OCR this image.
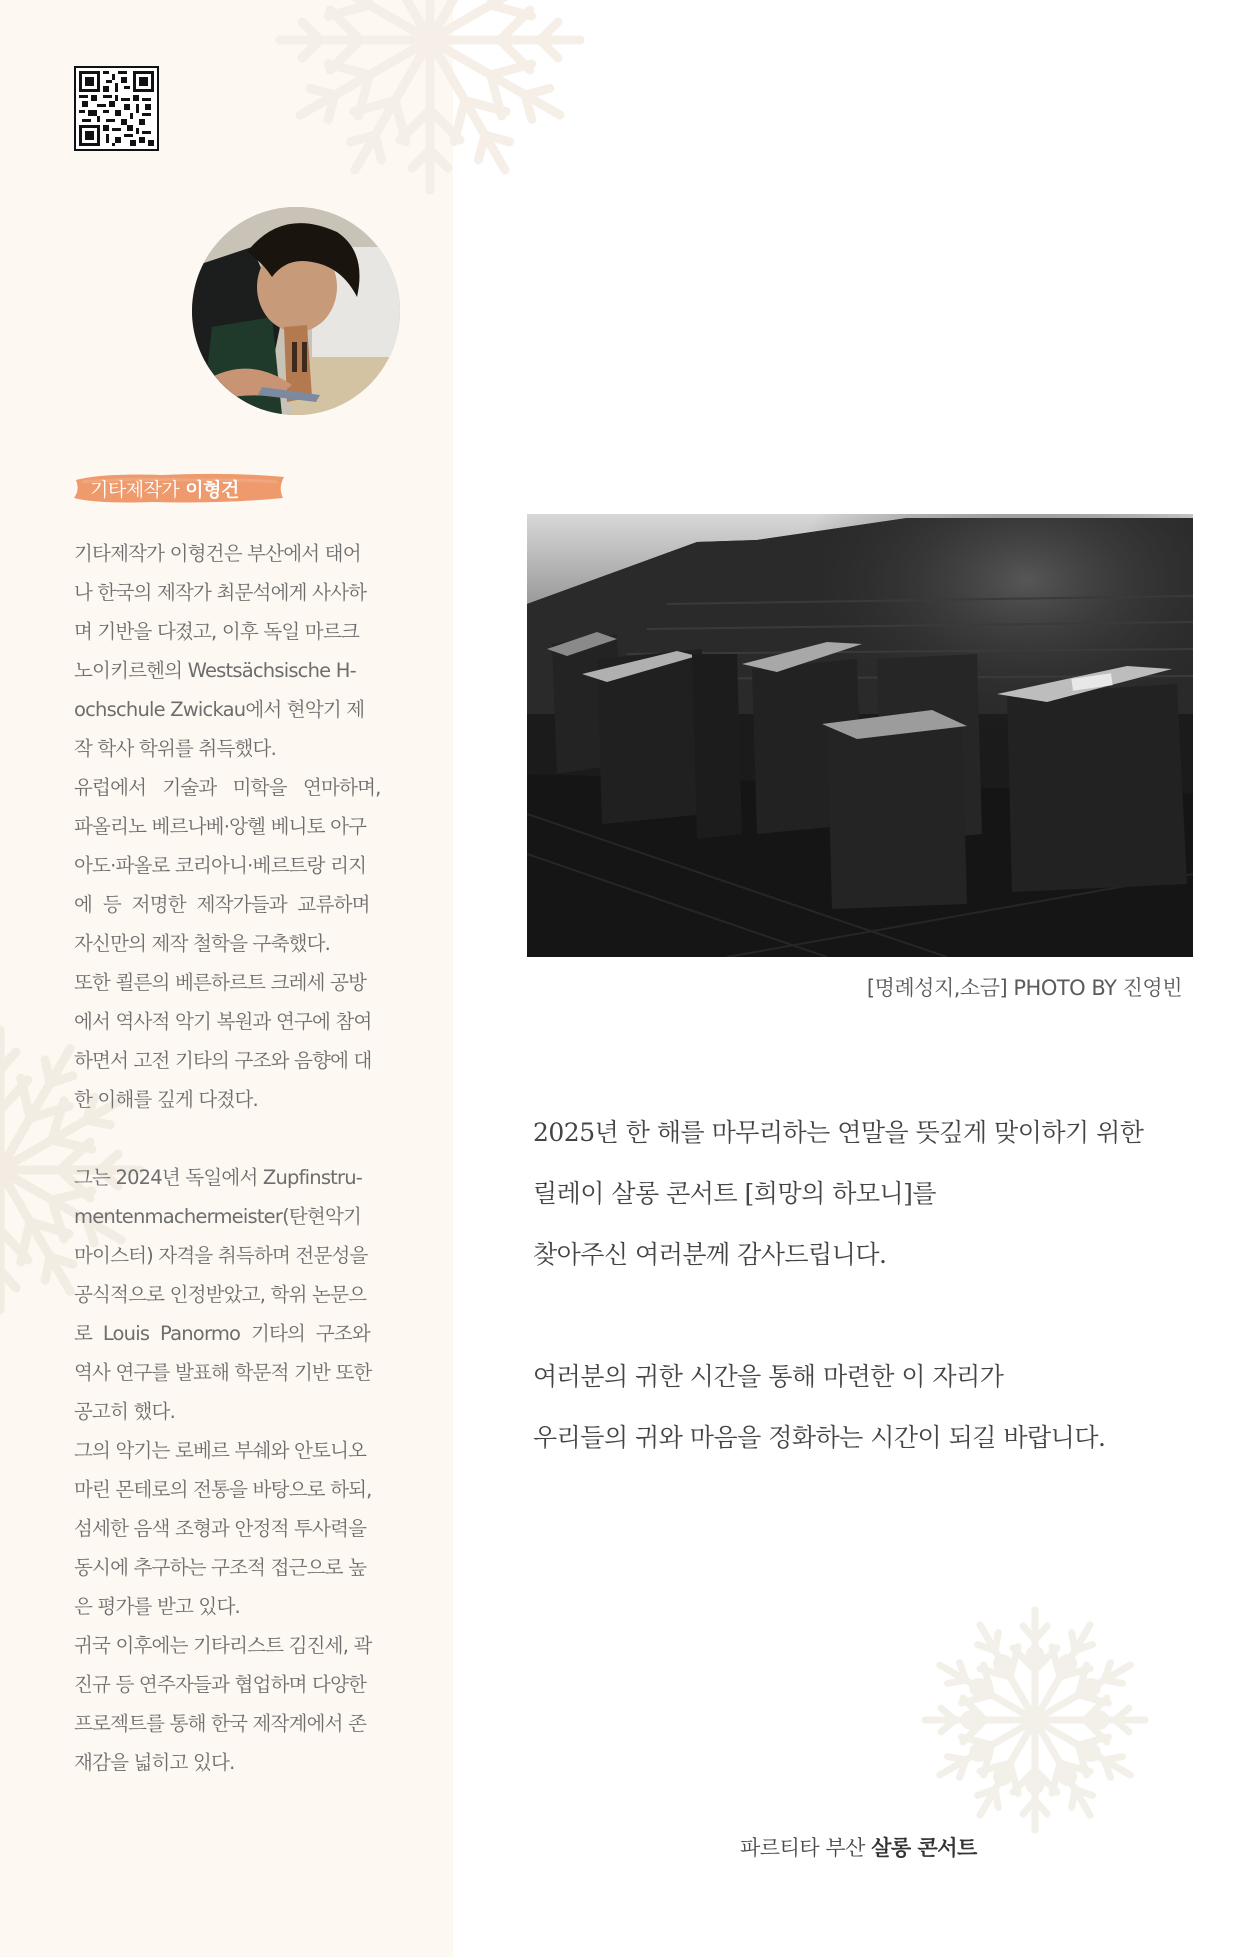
기타제작가 이형건

기타제작가 이형건은 부산에서 태어

나 한국의 제작가 최문석에게 사사하

며 기반을 다졌고, 이후 독일 마르크

노이키르헨의 Westsächsische H-

ochschule Zwickau에서 현악기 제

작 학사 학위를 취득했다.

유럽에서   기술과   미학을   연마하며,

파올리노 베르나베·앙헬 베니토 아구

아도·파올로 코리아니·베르트랑 리지

에  등  저명한  제작가들과  교류하며

자신만의 제작 철학을 구축했다.

또한 쾰른의 베른하르트 크레세 공방

에서 역사적 악기 복원과 연구에 참여

하면서 고전 기타의 구조와 음향에 대

한 이해를 깊게 다졌다.

그는 2024년 독일에서 Zupfinstru-

mentenmachermeister(탄현악기

마이스터) 자격을 취득하며 전문성을

공식적으로 인정받았고, 학위 논문으

로  Louis  Panormo  기타의  구조와

역사 연구를 발표해 학문적 기반 또한

공고히 했다.

그의 악기는 로베르 부쉐와 안토니오

마린 몬테로의 전통을 바탕으로 하되,

섬세한 음색 조형과 안정적 투사력을

동시에 추구하는 구조적 접근으로 높

은 평가를 받고 있다.

귀국 이후에는 기타리스트 김진세, 곽

진규 등 연주자들과 협업하며 다양한

프로젝트를 통해 한국 제작계에서 존

재감을 넓히고 있다.

[명례성지,소금] PHOTO BY 진영빈

2025년 한 해를 마무리하는 연말을 뜻깊게 맞이하기 위한

릴레이 살롱 콘서트 [희망의 하모니]를

찾아주신 여러분께 감사드립니다.

여러분의 귀한 시간을 통해 마련한 이 자리가

우리들의 귀와 마음을 정화하는 시간이 되길 바랍니다.

파르티타 부산 살롱 콘서트
